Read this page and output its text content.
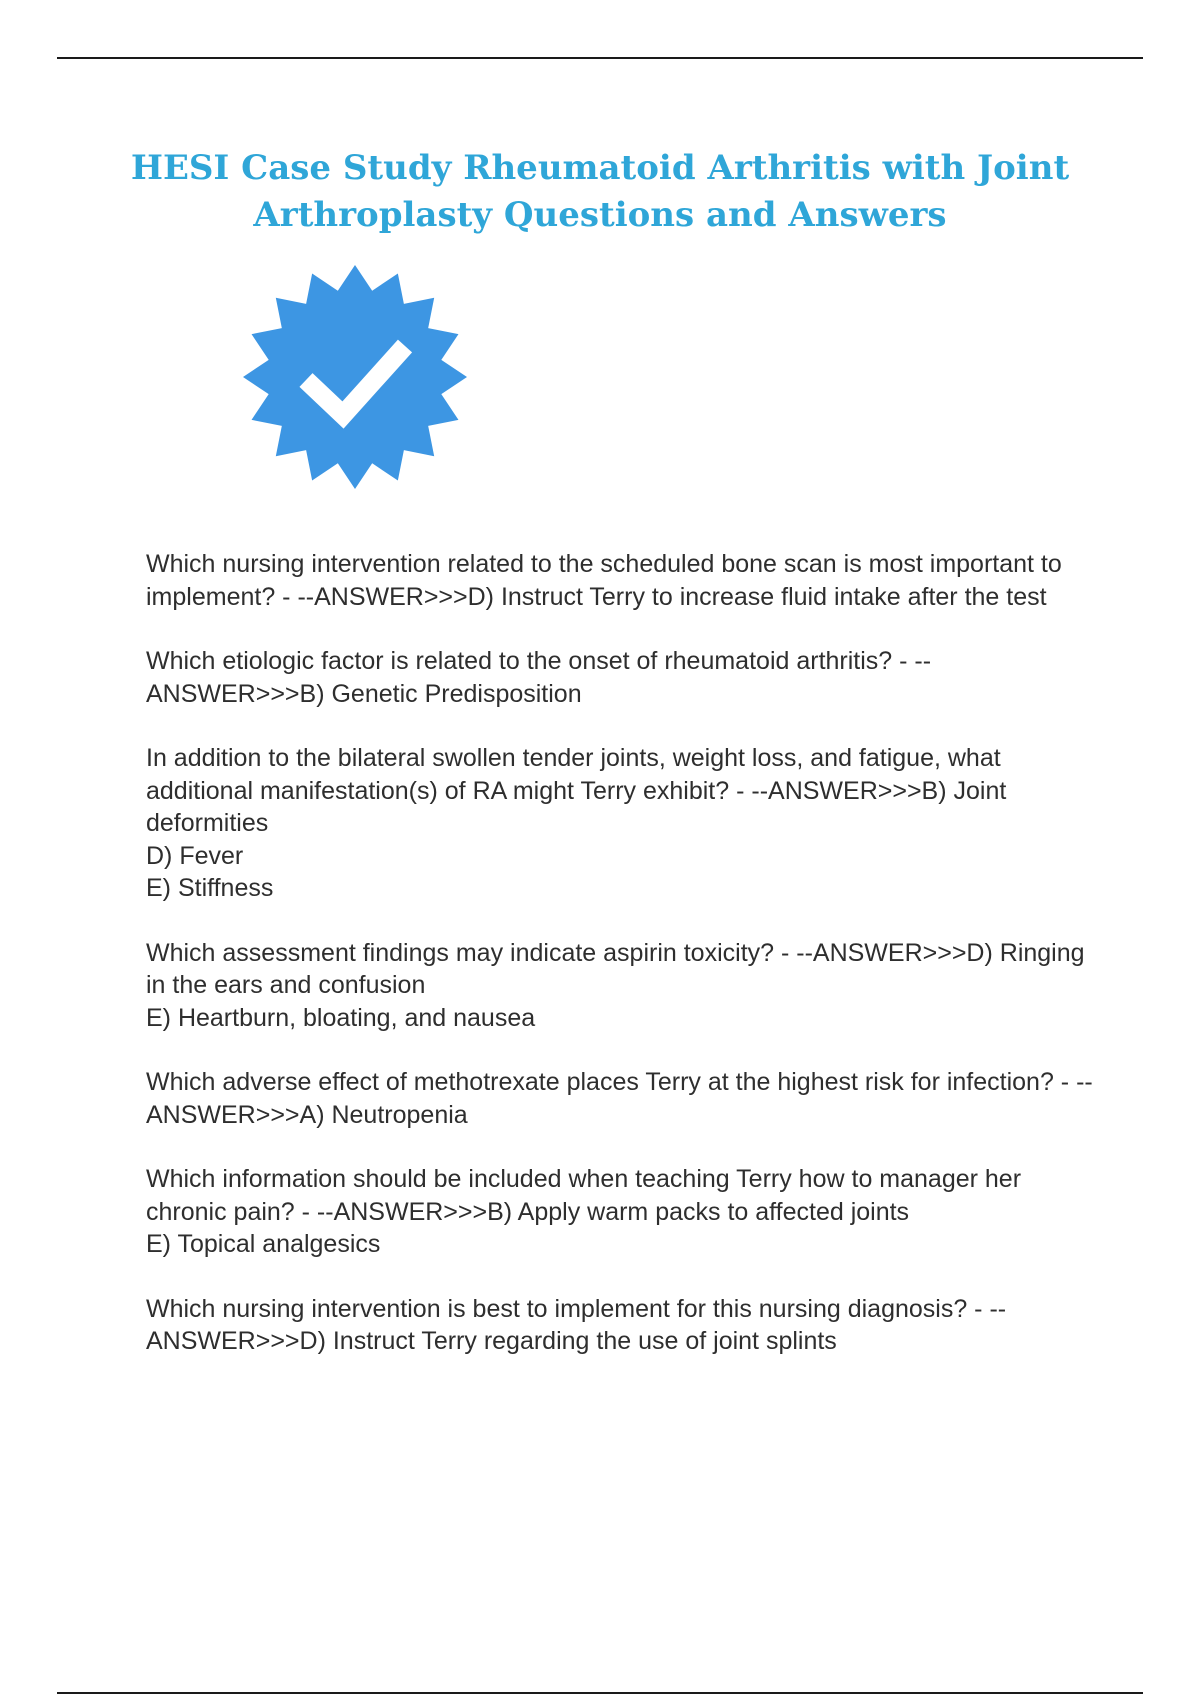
HESI Case Study Rheumatoid Arthritis with Joint Arthroplasty Questions and Answers

Which nursing intervention related to the scheduled bone scan is most important to implement? - --ANSWER>>>D) Instruct Terry to increase fluid intake after the test

Which etiologic factor is related to the onset of rheumatoid arthritis? - --ANSWER>>>B) Genetic Predisposition

In addition to the bilateral swollen tender joints, weight loss, and fatigue, what additional manifestation(s) of RA might Terry exhibit? - --ANSWER>>>B) Joint deformities

D) Fever
E) Stiffness

Which assessment findings may indicate aspirin toxicity? - --ANSWER>>>D) Ringing in the ears and confusion

E) Heartburn, bloating, and nausea

Which adverse effect of methotrexate places Terry at the highest risk for infection? - --ANSWER>>>A) Neutropenia

Which information should be included when teaching Terry how to manager her chronic pain? - --ANSWER>>>B) Apply warm packs to affected joints

E) Topical analgesics

Which nursing intervention is best to implement for this nursing diagnosis? - --ANSWER>>>D) Instruct Terry regarding the use of joint splints
